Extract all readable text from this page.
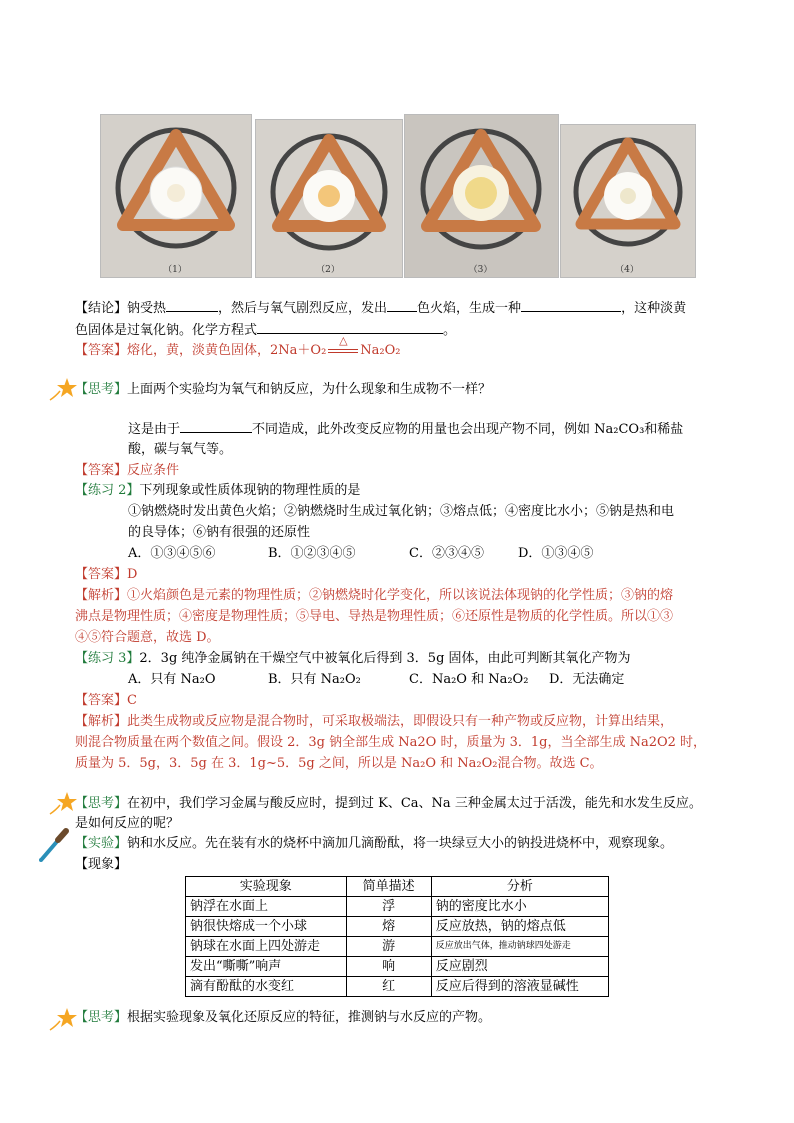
（1）	（2）	（3）	（4）
【结论】钠受热	，然后与氧气剧烈反应，发出 色火焰，生成一种	，这种淡黄
色固体是过氧化钠。化学方程式	。
【答案】熔化，黄，淡黄色固体，2Na＋O₂
△
Na₂O₂
【思考】上面两个实验均为氧气和钠反应，为什么现象和生成物不一样？
这是由于	不同造成，此外改变反应物的用量也会出现产物不同，例如 Na₂CO₃和稀盐
酸，碳与氧气等。
【答案】反应条件
【练习 2】下列现象或性质体现钠的物理性质的是
①钠燃烧时发出黄色火焰；②钠燃烧时生成过氧化钠；③熔点低；④密度比水小；⑤钠是热和电
的良导体；⑥钠有很强的还原性
A．①③④⑤⑥	B．①②③④⑤	C．②③④⑤	D．①③④⑤
【答案】D
【解析】①火焰颜色是元素的物理性质；②钠燃烧时化学变化，所以该说法体现钠的化学性质；③钠的熔
沸点是物理性质；④密度是物理性质；⑤导电、导热是物理性质；⑥还原性是物质的化学性质。所以①③
④⑤符合题意，故选 D。
【练习 3】2．3g 纯净金属钠在干燥空气中被氧化后得到 3．5g 固体，由此可判断其氧化产物为
A．只有 Na₂O	B．只有 Na₂O₂	C．Na₂O 和 Na₂O₂ D．无法确定
【答案】C
【解析】此类生成物或反应物是混合物时，可采取极端法，即假设只有一种产物或反应物，计算出结果，
则混合物质量在两个数值之间。假设 2．3g 钠全部生成 Na2O 时，质量为 3．1g，当全部生成 Na2O2 时，
质量为 5．5g，3．5g 在 3．1g~5．5g 之间，所以是 Na₂O 和 Na₂O₂混合物。故选 C。
【思考】在初中，我们学习金属与酸反应时，提到过 K、Ca、Na 三种金属太过于活泼，能先和水发生反应。
是如何反应的呢？
【实验】钠和水反应。先在装有水的烧杯中滴加几滴酚酞，将一块绿豆大小的钠投进烧杯中，观察现象。
【现象】
实验现象	简单描述	分析
钠浮在水面上	浮	钠的密度比水小
钠很快熔成一个小球	熔	反应放热，钠的熔点低
钠球在水面上四处游走	游	反应放出气体，推动钠球四处游走
发出“嘶嘶”响声	响	反应剧烈
滴有酚酞的水变红	红	反应后得到的溶液显碱性
【思考】根据实验现象及氧化还原反应的特征，推测钠与水反应的产物。
